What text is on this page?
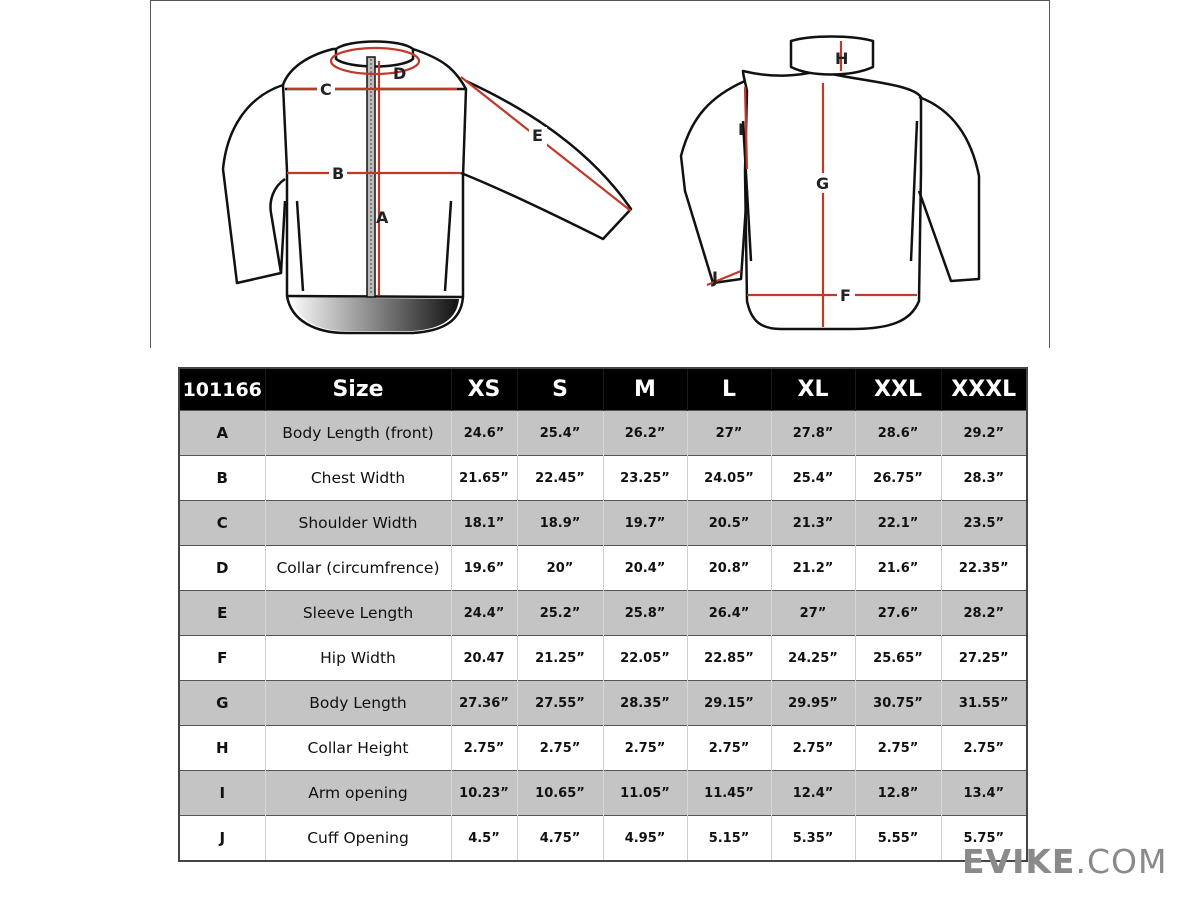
C
B
A
D
E
H
G
I
F
J
101166	Size	XS	S	M	L	XL	XXL	XXXL
A	Body Length (front)	24.6”	25.4”	26.2”	27”	27.8”	28.6”	29.2”
B	Chest Width	21.65”	22.45”	23.25”	24.05”	25.4”	26.75”	28.3”
C	Shoulder Width	18.1”	18.9”	19.7”	20.5”	21.3”	22.1”	23.5”
D	Collar (circumfrence)	19.6”	20”	20.4”	20.8”	21.2”	21.6”	22.35”
E	Sleeve Length	24.4”	25.2”	25.8”	26.4”	27”	27.6”	28.2”
F	Hip Width	20.47	21.25”	22.05”	22.85”	24.25”	25.65”	27.25”
G	Body Length	27.36”	27.55”	28.35”	29.15”	29.95”	30.75”	31.55”
H	Collar Height	2.75”	2.75”	2.75”	2.75”	2.75”	2.75”	2.75”
I	Arm opening	10.23”	10.65”	11.05”	11.45”	12.4”	12.8”	13.4”
J	Cuff Opening	4.5”	4.75”	4.95”	5.15”	5.35”	5.55”	5.75”
EVIKE.COM
